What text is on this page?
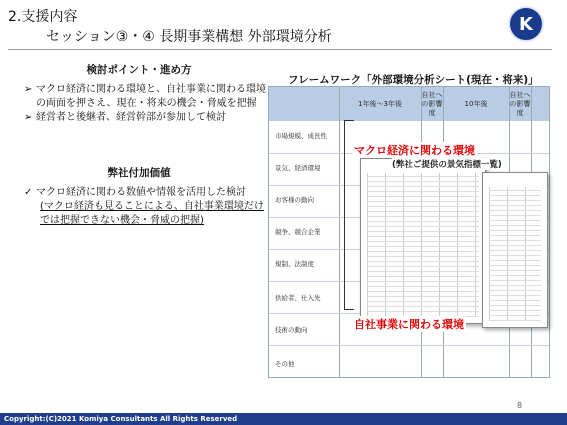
2.支援内容
セッション③・④ 長期事業構想 外部環境分析
K
検討ポイント・進め方
➢ マクロ経済に関わる環境と、自社事業に関わる環境の両面を押さえ、現在・将来の機会・脅威を把握
➢ 経営者と後継者、経営幹部が参加して検討
弊社付加価値
✓ マクロ経済に関わる数値や情報を活用した検討
(マクロ経済も見ることによる、自社事業環境だけでは把握できない機会・脅威の把握)
フレームワーク「外部環境分析シート(現在・将来)」
1年後～3年後
自社への影響度
10年後
自社への影響度
市場規模、成長性
景気、経済環境
お客様の動向
競争、競合企業
規制、法制度
供給者、仕入先
技術の動向
その他
マクロ経済に関わる環境
(弊社ご提供の景気指標一覧)
自社事業に関わる環境
8
Copyright:(C)2021 Komiya Consultants All Rights Reserved
